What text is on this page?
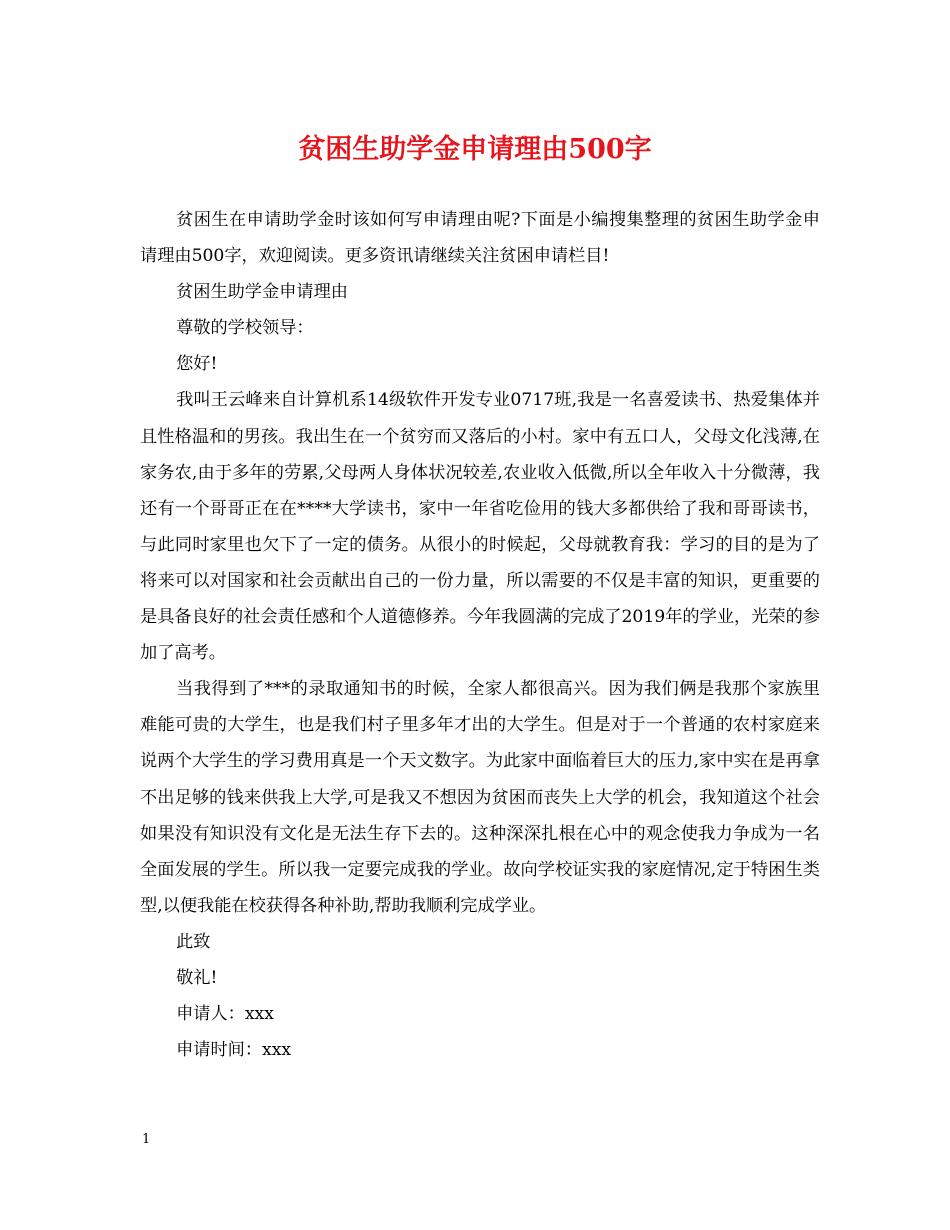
贫困生助学金申请理由500字

贫困生在申请助学金时该如何写申请理由呢?下面是小编搜集整理的贫困生助学金申请理由500字，欢迎阅读。更多资讯请继续关注贫困申请栏目!

贫困生助学金申请理由

尊敬的学校领导：

您好!

我叫王云峰来自计算机系14级软件开发专业0717班,我是一名喜爱读书、热爱集体并且性格温和的男孩。我出生在一个贫穷而又落后的小村。家中有五口人，父母文化浅薄,在家务农,由于多年的劳累,父母两人身体状况较差,农业收入低微,所以全年收入十分微薄，我还有一个哥哥正在在****大学读书，家中一年省吃俭用的钱大多都供给了我和哥哥读书，与此同时家里也欠下了一定的债务。从很小的时候起，父母就教育我：学习的目的是为了将来可以对国家和社会贡献出自己的一份力量，所以需要的不仅是丰富的知识，更重要的是具备良好的社会责任感和个人道德修养。今年我圆满的完成了2019年的学业，光荣的参加了高考。

当我得到了***的录取通知书的时候，全家人都很高兴。因为我们俩是我那个家族里难能可贵的大学生，也是我们村子里多年才出的大学生。但是对于一个普通的农村家庭来说两个大学生的学习费用真是一个天文数字。为此家中面临着巨大的压力,家中实在是再拿不出足够的钱来供我上大学,可是我又不想因为贫困而丧失上大学的机会，我知道这个社会如果没有知识没有文化是无法生存下去的。这种深深扎根在心中的观念使我力争成为一名全面发展的学生。所以我一定要完成我的学业。故向学校证实我的家庭情况,定于特困生类型,以便我能在校获得各种补助,帮助我顺利完成学业。

此致

敬礼!

申请人：xxx

申请时间：xxx

1
